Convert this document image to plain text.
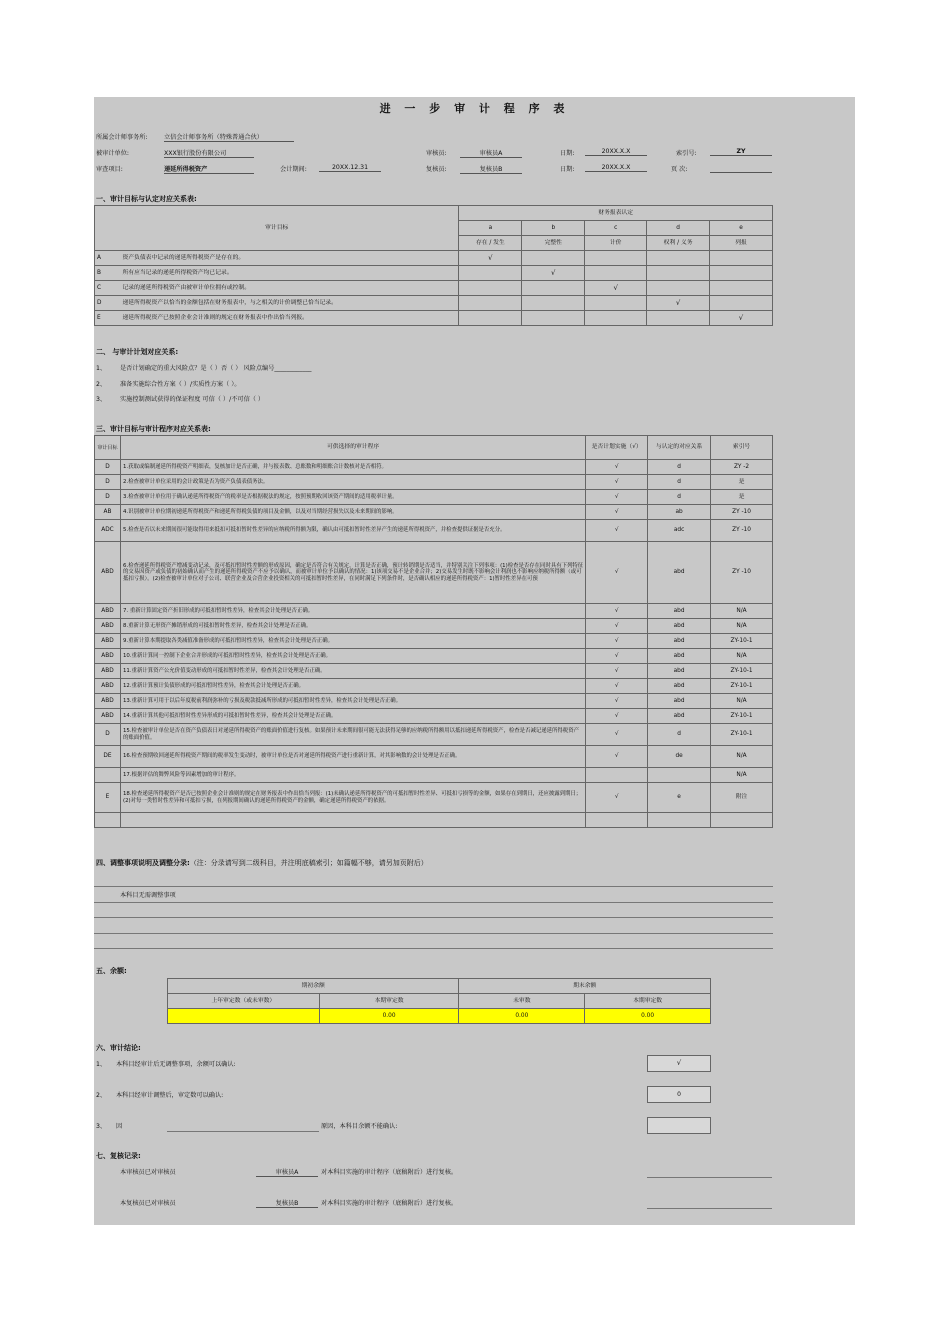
进 一 步 审 计 程 序 表
所属会计师事务所:	立信会计师事务所（特殊普通合伙）
被审计单位:	XXX银行股份有限公司	审核员:	审核员A	日期:	20XX.X.X	索引号:	ZY
审查项目:	递延所得税资产	会计期间:	20XX.12.31	复核员:	复核员B	日期:	20XX.X.X	页 次:
一、审计目标与认定对应关系表:
审计目标		财务报表认定				
		a	b	c	d	e
		存在 / 发生	完整性	计价	权利 / 义务	列报
A	资产负债表中记录的递延所得税资产是存在的。	√				
B	所有应当记录的递延所得税资产均已记录。		√			
C	记录的递延所得税资产由被审计单位拥有或控制。			√		
D	递延所得税资产以恰当的金额包括在财务报表中，与之相关的计价调整已恰当记录。				√	
E	递延所得税资产已按照企业会计准则的规定在财务报表中作出恰当列报。					√
二、 与审计计划对应关系:
1、 是否计划确定的重大风险点？是（ ）否（ ） 风险点编号____________
2、 准备实施综合性方案（ ）/实质性方案（ ）。
3、 实施控制测试获得的保证程度 可信（ ）/不可信（ ）
三、审计目标与审计程序对应关系表:
审计目标	可供选择的审计程序	是否计划实施（√）	与认定的对应关系	索引号
D	1.获取或编制递延所得税资产明细表，复核加计是否正确，并与报表数、总账数和明细账合计数核对是否相符。	√	d	ZY -2
D	2.检查被审计单位采用的会计政策是否为资产负债表债务法。	√	d	是
D	3.检查被审计单位用于确认递延所得税资产的税率是否根据税法的规定，按照预期收回该资产期间的适用税率计量。	√	d	是
AB	4.识别被审计单位期初递延所得税资产和递延所得税负债的项目及金额，以及对当期经营损失以及未来期间的影响。	√	ab	ZY -10
ADC	5.检查是否以未来期间很可能取得用来抵扣可抵扣暂时性差异的应纳税所得额为限，确认由可抵扣暂时性差异产生的递延所得税资产，并检查提供证据是否充分。	√	adc	ZY -10
ABD	6.检查递延所得税资产增减变动记录，及可抵扣暂时性差额的形成原因，确定是否符合有关规定，计算是否正确，预计转销期是否适当，并特别关注下列事项：(1)检查是否存在同时具有下列特征的交易因资产或负债的初始确认而产生的递延所得税资产不应予以确认，而被审计单位予以确认的情况：1)该项交易不是企业合并；2)交易发生时既不影响会计利润也不影响应纳税所得额（或可抵扣亏损）。(2)检查被审计单位对子公司、联营企业及合营企业投资相关的可抵扣暂时性差异，在同时满足下列条件时，是否确认相应的递延所得税资产：1)暂时性差异在可预	√	abd	ZY -10
ABD	7. 重新计算固定资产折旧形成的可抵扣暂时性差异，检查其会计处理是否正确。	√	abd	N/A
ABD	8.重新计算无形资产摊销形成的可抵扣暂时性差异，检查其会计处理是否正确。	√	abd	N/A
ABD	9.重新计算本期提取各类减值准备形成的可抵扣暂时性差异，检查其会计处理是否正确。	√	abd	ZY-10-1
ABD	10.重新计算同一控制下企业合并形成的可抵扣暂时性差异，检查其会计处理是否正确。	√	abd	N/A
ABD	11.重新计算资产公允价值变动形成的可抵扣暂时性差异，检查其会计处理是否正确。	√	abd	ZY-10-1
ABD	12.重新计算预计负债形成的可抵扣暂时性差异，检查其会计处理是否正确。	√	abd	ZY-10-1
ABD	13.重新计算可用于以后年度税前利润弥补的亏损及税款抵减所形成的可抵扣暂时性差异，检查其会计处理是否正确。	√	abd	N/A
ABD	14.重新计算其他可抵扣暂时性差异形成的可抵扣暂时性差异，检查其会计处理是否正确。	√	abd	ZY-10-1
D	15.检查被审计单位是否在资产负债表日对递延所得税资产的账面价值进行复核。如果预计未来期间很可能无法获得足够的应纳税所得额用以抵扣递延所得税资产，检查是否减记递延所得税资产的账面价值。	√	d	ZY-10-1
DE	16.检查预期收回递延所得税资产期间的税率发生变动时，被审计单位是否对递延所得税资产进行重新计算，对其影响数的会计处理是否正确。	√	de	N/A
	17.根据评估的舞弊风险等因素增加的审计程序。			N/A
E	18.检查递延所得税资产是否已按照企业会计准则的规定在财务报表中作出恰当列报：(1)未确认递延所得税资产的可抵扣暂时性差异、可抵扣亏损等的金额，如果存在到期日，还应披露到期日；(2)对每一类暂时性差异和可抵扣亏损，在列报期间确认的递延所得税资产的金额，确定递延所得税资产的依据。	√	e	附注

四、调整事项说明及调整分录:（注：分录请写到二级科目，并注明底稿索引；如篇幅不够，请另加页附后）
本科目无需调整事项
五、余额:
期初余额		期末余额	
上年审定数（或未审数）	本期审定数	未审数	本期审定数
	0.00	0.00	0.00
六、审计结论:
1、 本科目经审计后无调整事项，余额可以确认:	√
2、 本科目经审计调整后，审定数可以确认:	0
3、 因	原因，本科目余额不能确认:
七、复核记录:
本审核员已对审核员	审核员A	对本科目实施的审计程序（底稿附后）进行复核。
本复核员已对审核员	复核员B	对本科目实施的审计程序（底稿附后）进行复核。
